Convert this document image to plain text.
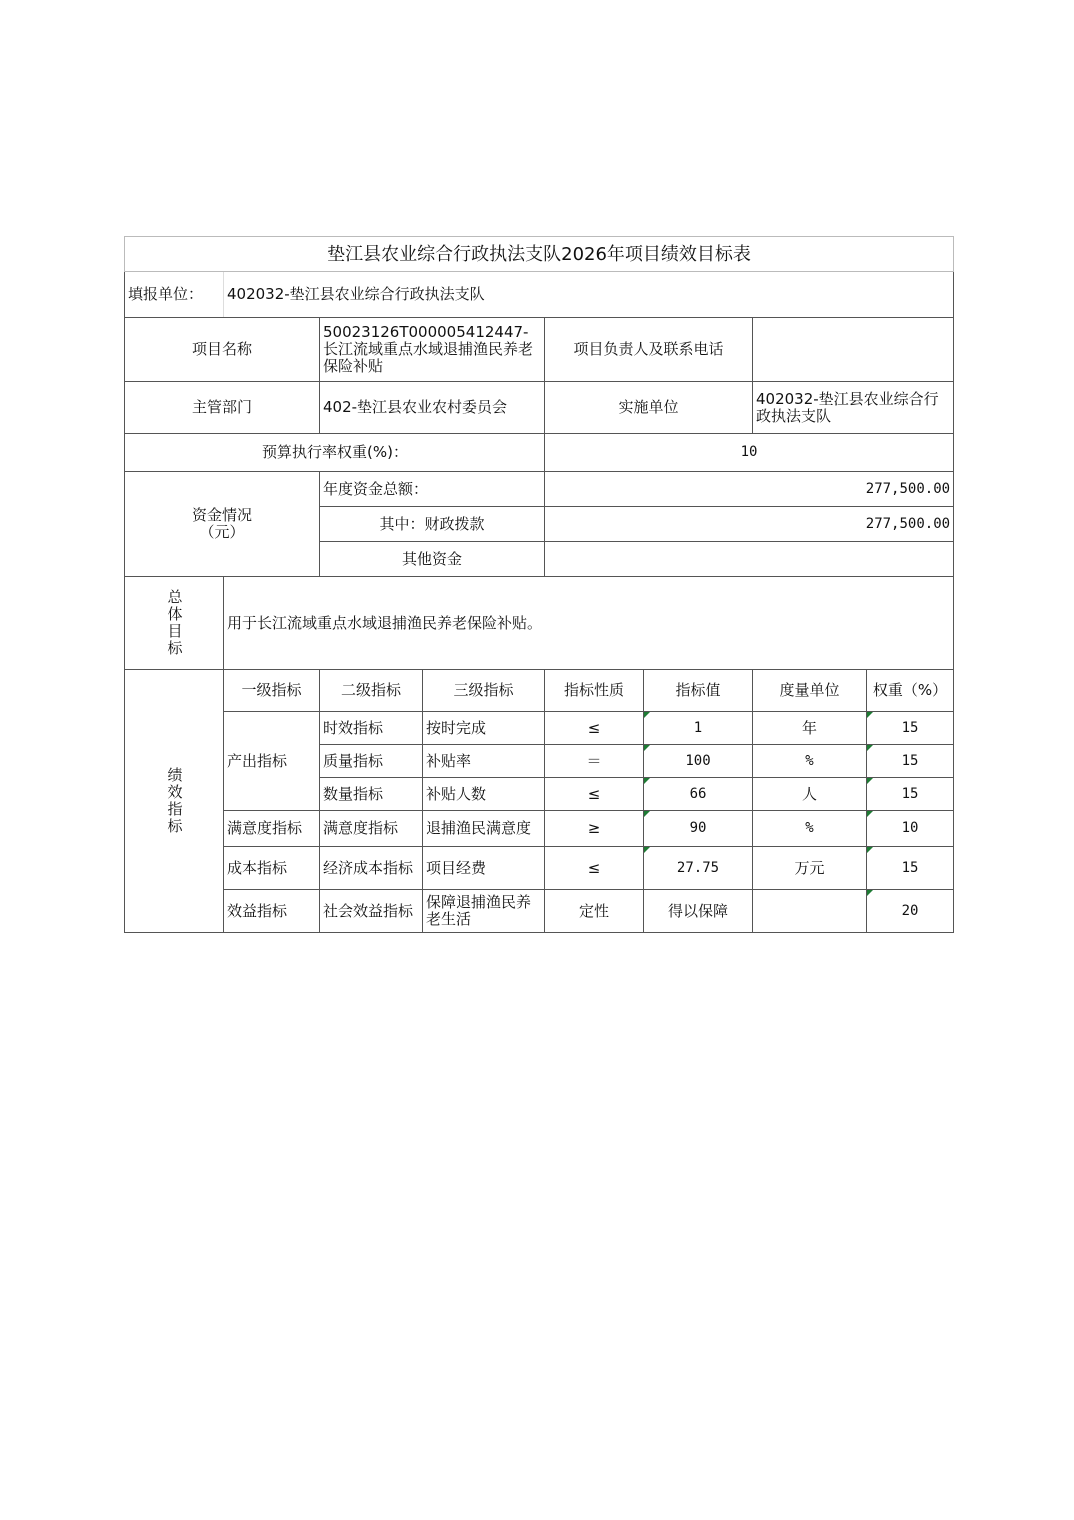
垫江县农业综合行政执法支队2026年项目绩效目标表							
填报单位：	402032-垫江县农业综合行政执法支队						
项目名称		50023126T000005412447-长江流域重点水域退捕渔民养老保险补贴		项目负责人及联系电话			
主管部门		402-垫江县农业农村委员会		实施单位		402032-垫江县农业综合行政执法支队	
预算执行率权重(%)：				10			

资金情况（元）		年度资金总额：		277,500.00			
		其中：财政拨款		277,500.00			
		其他资金					

总体目标	用于长江流域重点水域退捕渔民养老保险补贴。						

绩效指标	一级指标	二级指标	三级指标	指标性质	指标值	度量单位	权重（%）
	产出指标	时效指标	按时完成	≤	1	年	15
		质量指标	补贴率	＝	100	%	15
		数量指标	补贴人数	≤	66	人	15
	满意度指标	满意度指标	退捕渔民满意度	≥	90	%	10
	成本指标	经济成本指标	项目经费	≤	27.75	万元	15
	效益指标	社会效益指标	保障退捕渔民养老生活	定性	得以保障		20
